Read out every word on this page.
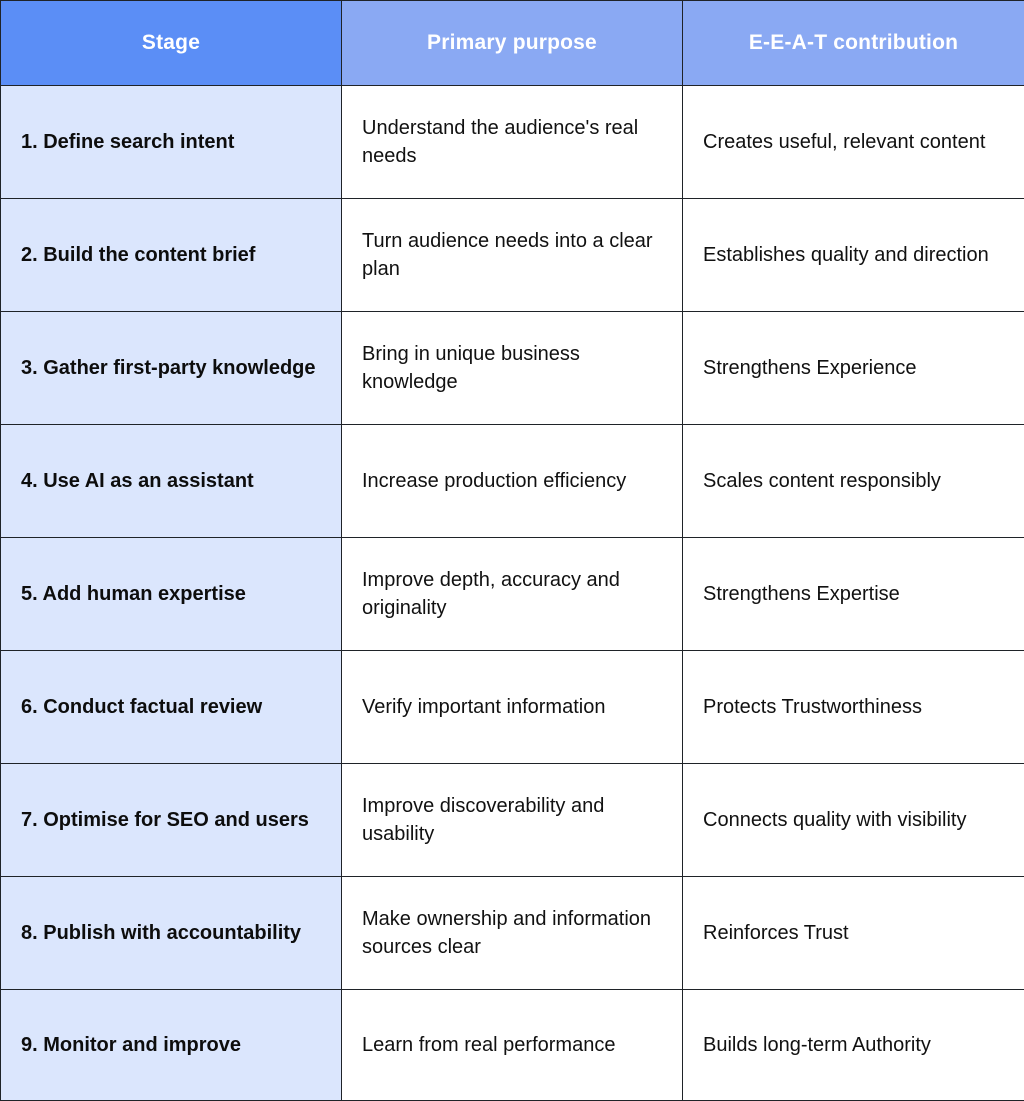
Stage	Primary purpose	E-E-A-T contribution
1. Define search intent	Understand the audience's real needs	Creates useful, relevant content
2. Build the content brief	Turn audience needs into a clear plan	Establishes quality and direction
3. Gather first-party knowledge	Bring in unique business knowledge	Strengthens Experience
4. Use AI as an assistant	Increase production efficiency	Scales content responsibly
5. Add human expertise	Improve depth, accuracy and originality	Strengthens Expertise
6. Conduct factual review	Verify important information	Protects Trustworthiness
7. Optimise for SEO and users	Improve discoverability and usability	Connects quality with visibility
8. Publish with accountability	Make ownership and information sources clear	Reinforces Trust
9. Monitor and improve	Learn from real performance	Builds long-term Authority
